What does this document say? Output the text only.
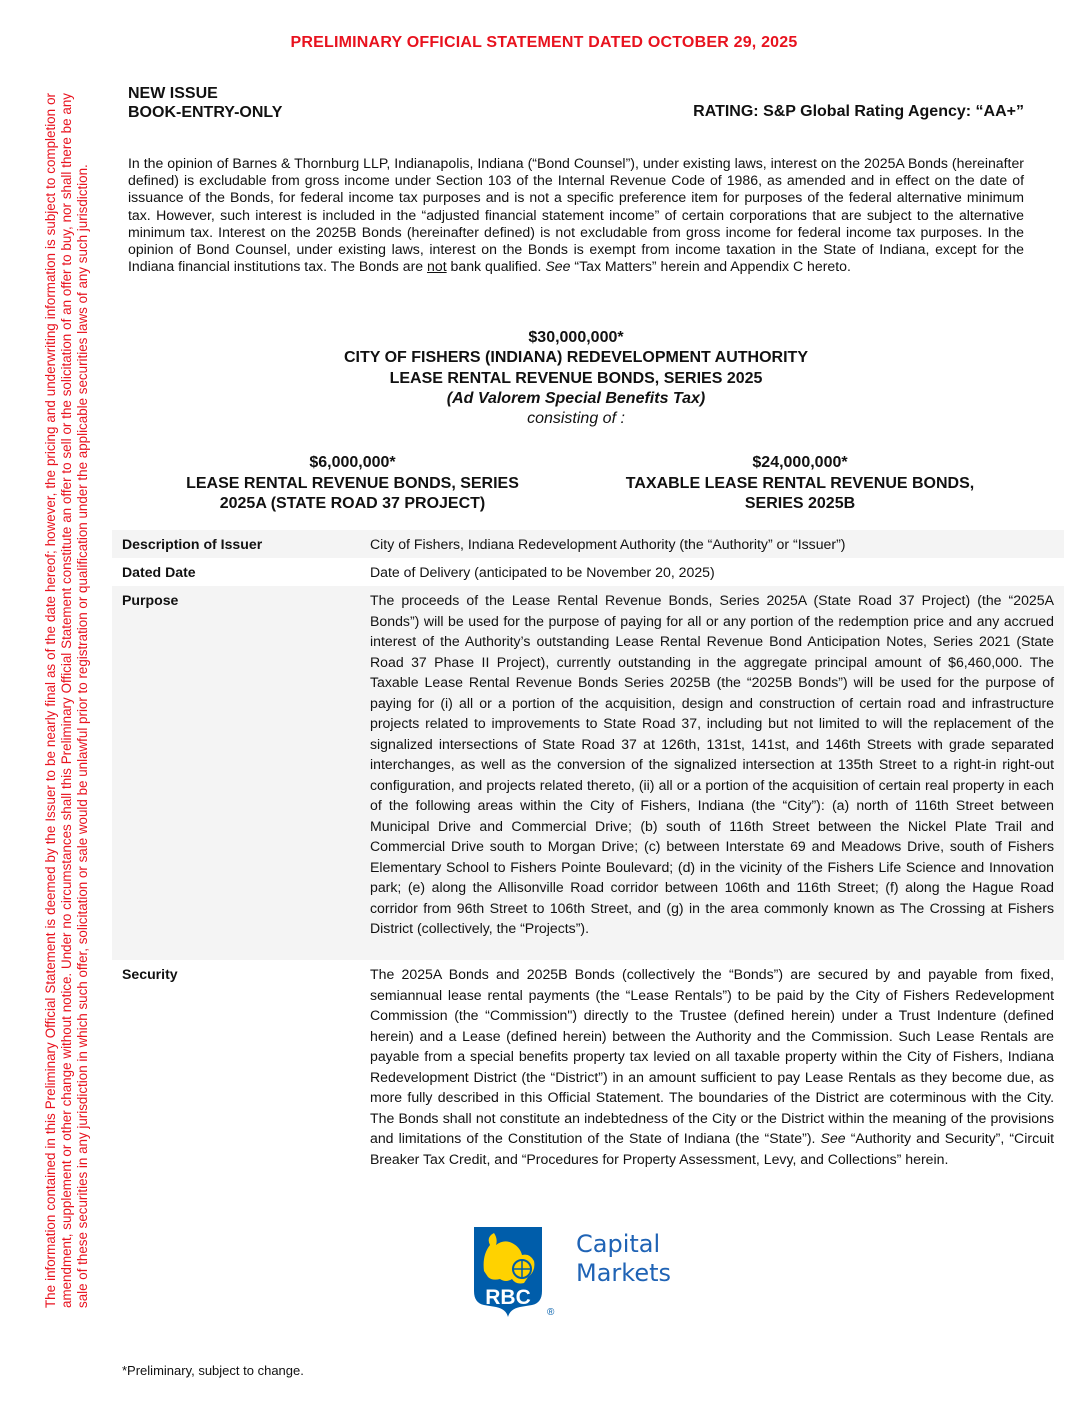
PRELIMINARY OFFICIAL STATEMENT DATED OCTOBER 29, 2025
The information contained in this Preliminary Official Statement is deemed by the Issuer to be nearly final as of the date hereof; however, the pricing and underwriting information is subject to completion or amendment, supplement or other change without notice. Under no circumstances shall this Preliminary Official Statement constitute an offer to sell or the solicitation of an offer to buy, nor shall there be any sale of these securities in any jurisdiction in which such offer, solicitation or sale would be unlawful prior to registration or qualification under the applicable securities laws of any such jurisdiction.
NEW ISSUE
BOOK-ENTRY-ONLY	RATING: S&P Global Rating Agency: “AA+”
In the opinion of Barnes & Thornburg LLP, Indianapolis, Indiana (“Bond Counsel”), under existing laws, interest on the 2025A Bonds (hereinafter defined) is excludable from gross income under Section 103 of the Internal Revenue Code of 1986, as amended and in effect on the date of issuance of the Bonds, for federal income tax purposes and is not a specific preference item for purposes of the federal alternative minimum tax. However, such interest is included in the “adjusted financial statement income” of certain corporations that are subject to the alternative minimum tax. Interest on the 2025B Bonds (hereinafter defined) is not excludable from gross income for federal income tax purposes. In the opinion of Bond Counsel, under existing laws, interest on the Bonds is exempt from income taxation in the State of Indiana, except for the Indiana financial institutions tax. The Bonds are not bank qualified. See “Tax Matters” herein and Appendix C hereto.
$30,000,000*
CITY OF FISHERS (INDIANA) REDEVELOPMENT AUTHORITY
LEASE RENTAL REVENUE BONDS, SERIES 2025
(Ad Valorem Special Benefits Tax)
consisting of :
$6,000,000*
LEASE RENTAL REVENUE BONDS, SERIES
2025A (STATE ROAD 37 PROJECT)
$24,000,000*
TAXABLE LEASE RENTAL REVENUE BONDS,
SERIES 2025B
Description of Issuer	City of Fishers, Indiana Redevelopment Authority (the “Authority” or “Issuer”)
Dated Date	Date of Delivery (anticipated to be November 20, 2025)
Purpose	The proceeds of the Lease Rental Revenue Bonds, Series 2025A (State Road 37 Project) (the “2025A Bonds”) will be used for the purpose of paying for all or any portion of the redemption price and any accrued interest of the Authority’s outstanding Lease Rental Revenue Bond Anticipation Notes, Series 2021 (State Road 37 Phase II Project), currently outstanding in the aggregate principal amount of $6,460,000. The Taxable Lease Rental Revenue Bonds Series 2025B (the “2025B Bonds”) will be used for the purpose of paying for (i) all or a portion of the acquisition, design and construction of certain road and infrastructure projects related to improvements to State Road 37, including but not limited to will the replacement of the signalized intersections of State Road 37 at 126th, 131st, 141st, and 146th Streets with grade separated interchanges, as well as the conversion of the signalized intersection at 135th Street to a right-in right-out configuration, and projects related thereto, (ii) all or a portion of the acquisition of certain real property in each of the following areas within the City of Fishers, Indiana (the “City”): (a) north of 116th Street between Municipal Drive and Commercial Drive; (b) south of 116th Street between the Nickel Plate Trail and Commercial Drive south to Morgan Drive; (c) between Interstate 69 and Meadows Drive, south of Fishers Elementary School to Fishers Pointe Boulevard; (d) in the vicinity of the Fishers Life Science and Innovation park; (e) along the Allisonville Road corridor between 106th and 116th Street; (f) along the Hague Road corridor from 96th Street to 106th Street, and (g) in the area commonly known as The Crossing at Fishers District (collectively, the “Projects”).
Security	The 2025A Bonds and 2025B Bonds (collectively the “Bonds”) are secured by and payable from fixed, semiannual lease rental payments (the “Lease Rentals”) to be paid by the City of Fishers Redevelopment Commission (the “Commission") directly to the Trustee (defined herein) under a Trust Indenture (defined herein) and a Lease (defined herein) between the Authority and the Commission. Such Lease Rentals are payable from a special benefits property tax levied on all taxable property within the City of Fishers, Indiana Redevelopment District (the “District”) in an amount sufficient to pay Lease Rentals as they become due, as more fully described in this Official Statement. The boundaries of the District are coterminous with the City. The Bonds shall not constitute an indebtedness of the City or the District within the meaning of the provisions and limitations of the Constitution of the State of Indiana (the “State”). See “Authority and Security”, “Circuit Breaker Tax Credit, and “Procedures for Property Assessment, Levy, and Collections” herein.
RBC
®
Capital
Markets
*Preliminary, subject to change.
